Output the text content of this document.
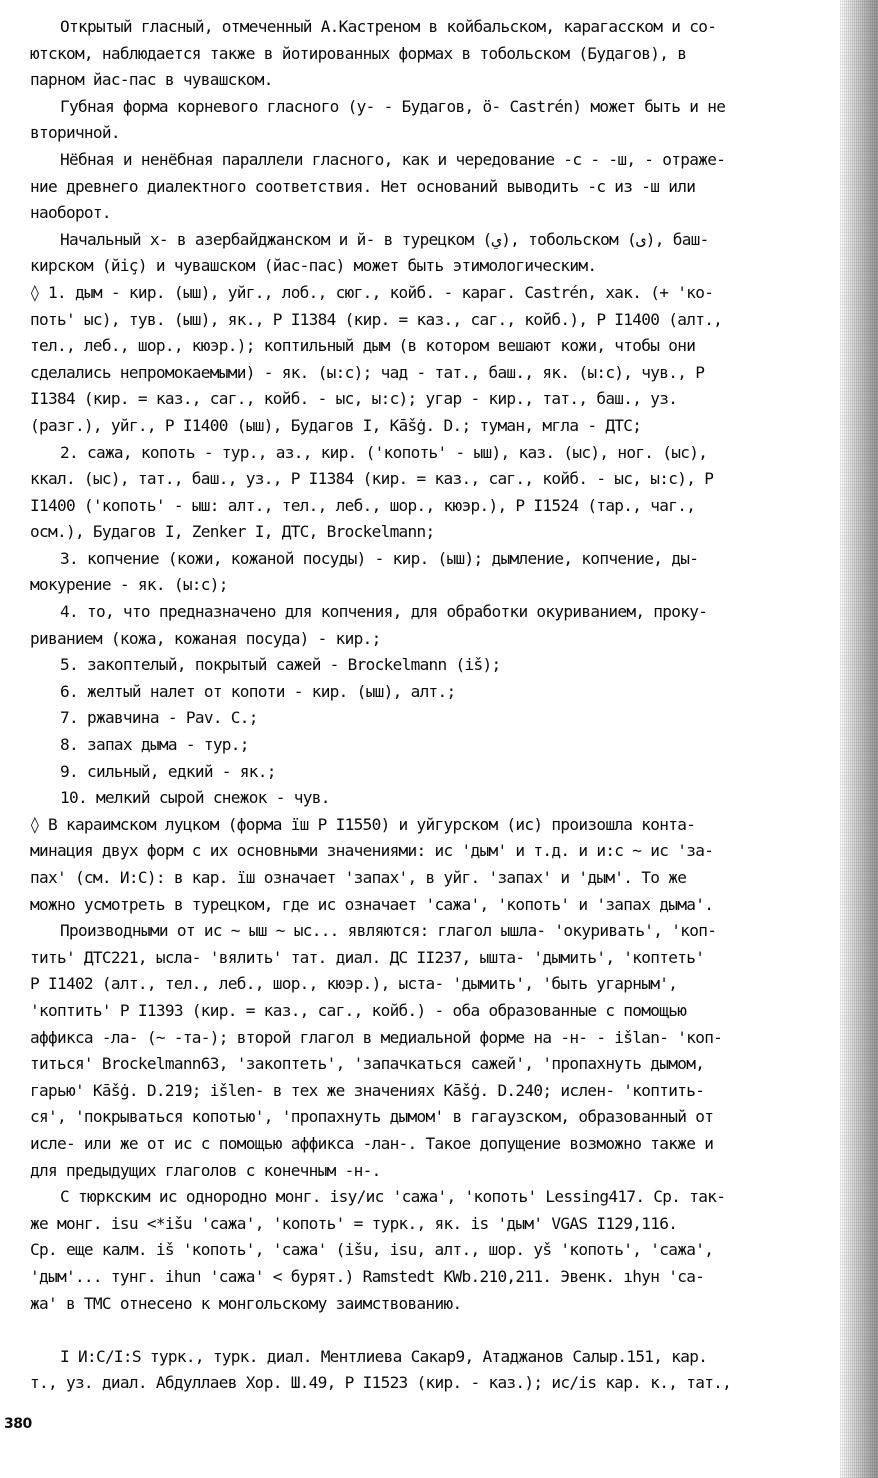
Открытый гласный, отмеченный А.Кастреном в койбальском, карагасском и со-
ютском, наблюдается также в йотированных формах в тобольском (Будагов), в
парном йас-пас в чувашском.
Губная форма корневого гласного (у- - Будагов, ö- Castrén) может быть и не
вторичной.
Нёбная и ненёбная параллели гласного, как и чередование -с - -ш, - отраже-
ние древнего диалектного соответствия. Нет оснований выводить -с из -ш или
наоборот.
Начальный х- в азербайджанском и й- в турецком (ي), тобольском (ی), баш-
кирском (йіç) и чувашском (йас-пас) может быть этимологическим.
◊ 1. дым - кир. (ыш), уйг., лоб., сюг., койб. - караг. Castrén, хак. (+ 'ко-
поть' ыс), тув. (ыш), як., Р I1384 (кир. = каз., саг., койб.), Р I1400 (алт.,
тел., леб., шор., кюэр.); коптильный дым (в котором вешают кожи, чтобы они
сделались непромокаемыми) - як. (ы:с); чад - тат., баш., як. (ы:с), чув., Р
I1384 (кир. = каз., саг., койб. - ыс, ы:с); угар - кир., тат., баш., уз.
(разг.), уйг., Р I1400 (ыш), Будагов I, Kāšġ. D.; туман, мгла - ДТС;
2. сажа, копоть - тур., аз., кир. ('копоть' - ыш), каз. (ыс), ног. (ыс),
ккал. (ыс), тат., баш., уз., Р I1384 (кир. = каз., саг., койб. - ыс, ы:с), Р
I1400 ('копоть' - ыш: алт., тел., леб., шор., кюэр.), Р I1524 (тар., чаг.,
осм.), Будагов I, Zenker I, ДТС, Brockelmann;
3. копчение (кожи, кожаной посуды) - кир. (ыш); дымление, копчение, ды-
мокурение - як. (ы:с);
4. то, что предназначено для копчения, для обработки окуриванием, проку-
риванием (кожа, кожаная посуда) - кир.;
5. закоптелый, покрытый сажей - Brockelmann (iš);
6. желтый налет от копоти - кир. (ыш), алт.;
7. ржавчина - Pav. C.;
8. запах дыма - тур.;
9. сильный, едкий - як.;
10. мелкий сырой снежок - чув.
◊ В караимском луцком (форма ïш Р I1550) и уйгурском (ис) произошла конта-
минация двух форм с их основными значениями: ис 'дым' и т.д. и и:с ~ ис 'за-
пах' (см. И:С): в кар. ïш означает 'запах', в уйг. 'запах' и 'дым'. То же
можно усмотреть в турецком, где ис означает 'сажа', 'копоть' и 'запах дыма'.
Производными от ис ~ ыш ~ ыс... являются: глагол ышла- 'окуривать', 'коп-
тить' ДТС221, ысла- 'вялить' тат. диал. ДС II237, ышта- 'дымить', 'коптеть'
Р I1402 (алт., тел., леб., шор., кюэр.), ыста- 'дымить', 'быть угарным',
'коптить' Р I1393 (кир. = каз., саг., койб.) - оба образованные с помощью
аффикса -ла- (~ -та-); второй глагол в медиальной форме на -н- - išlan- 'коп-
титься' Brockelmann63, 'закоптеть', 'запачкаться сажей', 'пропахнуть дымом,
гарью' Kāšġ. D.219; išlen- в тех же значениях Kāšġ. D.240; ислен- 'коптить-
ся', 'покрываться копотью', 'пропахнуть дымом' в гагаузском, образованный от
исле- или же от ис с помощью аффикса -лан-. Такое допущение возможно также и
для предыдущих глаголов с конечным -н-.
С тюркским ис однородно монг. isy/ис 'сажа', 'копоть' Lessing417. Ср. так-
же монг. isu <*išu 'сажа', 'копоть' = турк., як. is 'дым' VGAS I129,116.
Ср. еще калм. iš 'копоть', 'сажа' (išu, isu, алт., шор. уš 'копоть', 'сажа',
'дым'... тунг. ihun 'сажа' < бурят.) Ramstedt KWb.210,211. Эвенк. ıһун 'са-
жа' в ТМС отнесено к монгольскому заимствованию.
I И:С/I:S турк., турк. диал. Ментлиева Сакар9, Атаджанов Салыр.151, кар.
т., уз. диал. Абдуллаев Хор. Ш.49, Р I1523 (кир. - каз.); ис/is кар. к., тат.,
380
